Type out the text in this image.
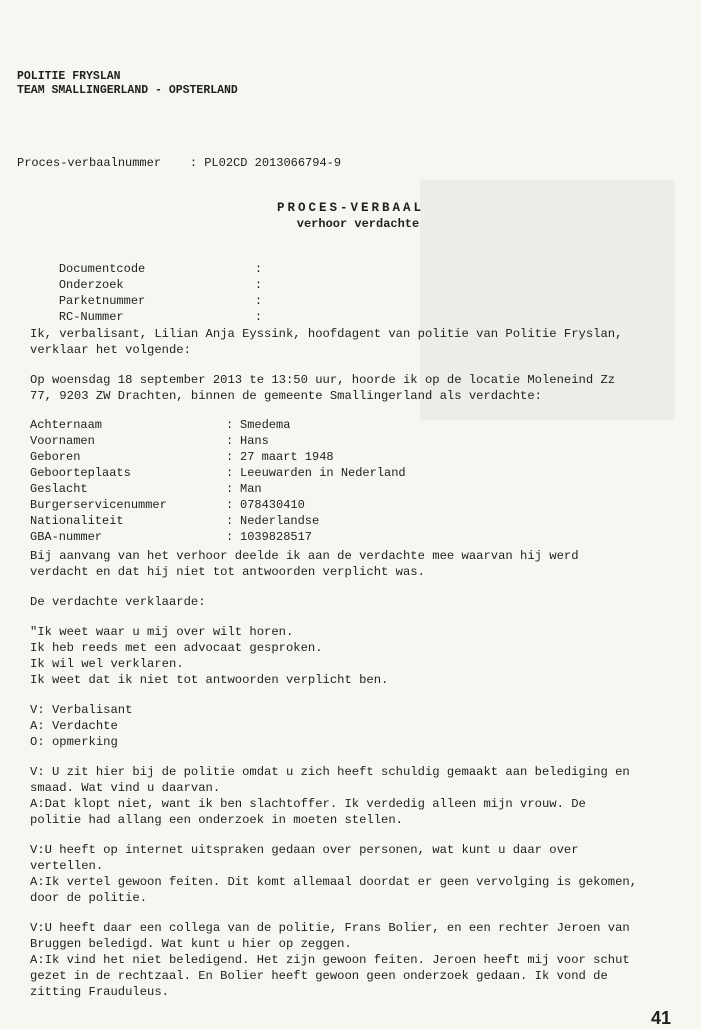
POLITIE FRYSLAN
TEAM SMALLINGERLAND - OPSTERLAND
Proces-verbaalnummer    : PL02CD 2013066794-9
PROCES-VERBAAL
verhoor verdachte

Documentcode	:

Onderzoek	:

Parketnummer	:

RC-Nummer	:

Ik, verbalisant, Lilian Anja Eyssink, hoofdagent van politie van Politie Fryslan,
verklaar het volgende:
Op woensdag 18 september 2013 te 13:50 uur, hoorde ik op de locatie Moleneind Zz
77, 9203 ZW Drachten, binnen de gemeente Smallingerland als verdachte:
Achternaam	: Smedema
Voornamen	: Hans
Geboren	: 27 maart 1948
Geboorteplaats	: Leeuwarden in Nederland
Geslacht	: Man
Burgerservicenummer	: 078430410
Nationaliteit	: Nederlandse
GBA-nummer	: 1039828517
Bij aanvang van het verhoor deelde ik aan de verdachte mee waarvan hij werd
verdacht en dat hij niet tot antwoorden verplicht was.
De verdachte verklaarde:
"Ik weet waar u mij over wilt horen.
Ik heb reeds met een advocaat gesproken.
Ik wil wel verklaren.
Ik weet dat ik niet tot antwoorden verplicht ben.
V: Verbalisant
A: Verdachte
O: opmerking
V: U zit hier bij de politie omdat u zich heeft schuldig gemaakt aan belediging en
smaad. Wat vind u daarvan.
A:Dat klopt niet, want ik ben slachtoffer. Ik verdedig alleen mijn vrouw. De
politie had allang een onderzoek in moeten stellen.
V:U heeft op internet uitspraken gedaan over personen, wat kunt u daar over
vertellen.
A:Ik vertel gewoon feiten. Dit komt allemaal doordat er geen vervolging is gekomen,
door de politie.
V:U heeft daar een collega van de politie, Frans Bolier, en een rechter Jeroen van
Bruggen beledigd. Wat kunt u hier op zeggen.
A:Ik vind het niet beledigend. Het zijn gewoon feiten. Jeroen heeft mij voor schut
gezet in de rechtzaal. En Bolier heeft gewoon geen onderzoek gedaan. Ik vond de
zitting Frauduleus.
41
